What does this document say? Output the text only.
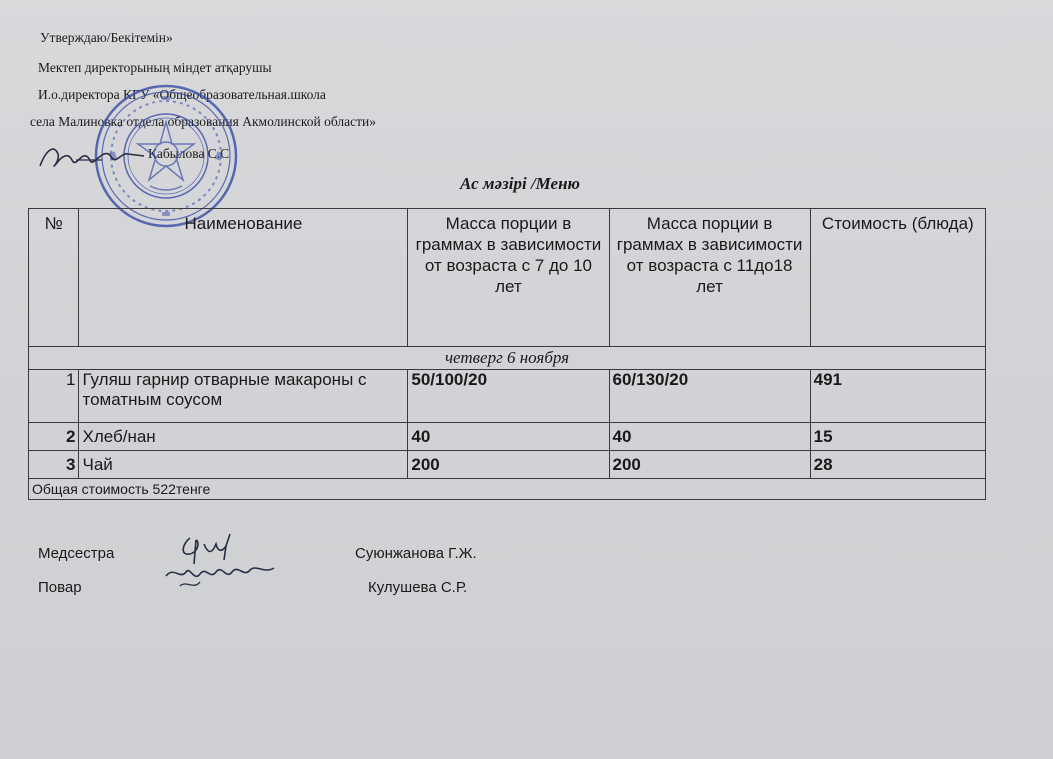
Утверждаю/Бекітемін»
Мектеп директорының міндет атқарушы
И.о.директора КГУ «Общеобразовательная.школа
села Малиновка отдела образования Акмолинской области»
Кабылова С.С
Ас мәзірі /Меню
№	Наименование	Масса порции в граммах в зависимости от возраста с 7 до 10 лет	Масса порции в граммах в зависимости от возраста с 11до18 лет	Стоимость (блюда)
четверг 6 ноября				
1	Гуляш гарнир отварные макароны с томатным соусом	50/100/20	60/130/20	491
2	Хлеб/нан	40	40	15
3	Чай	200	200	28
Общая стоимость 522тенге				
Медсестра	Суюнжанова Г.Ж.
Повар	Кулушева С.Р.
